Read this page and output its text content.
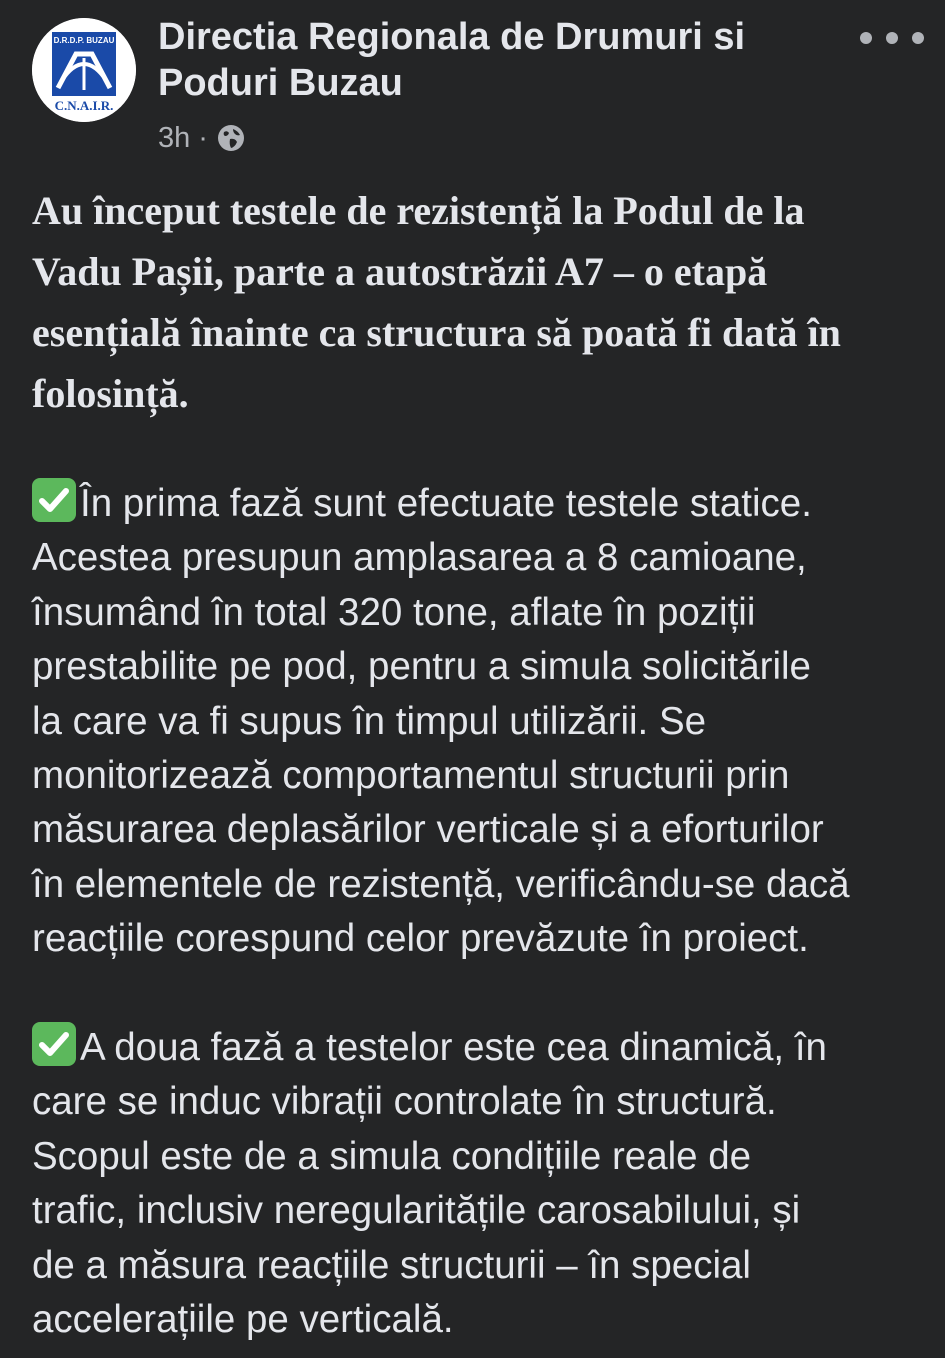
D.R.D.P. BUZAU
C.N.A.I.R.
Directia Regionala de Drumuri si
Poduri Buzau
3h ·
Au început testele de rezistență la Podul de la
Vadu Pașii, parte a autostrăzii A7 – o etapă
esențială înainte ca structura să poată fi dată în
folosință.
În prima fază sunt efectuate testele statice.
Acestea presupun amplasarea a 8 camioane,
însumând în total 320 tone, aflate în poziții
prestabilite pe pod, pentru a simula solicitările
la care va fi supus în timpul utilizării. Se
monitorizează comportamentul structurii prin
măsurarea deplasărilor verticale și a eforturilor
în elementele de rezistență, verificându-se dacă
reacțiile corespund celor prevăzute în proiect.
A doua fază a testelor este cea dinamică, în
care se induc vibrații controlate în structură.
Scopul este de a simula condițiile reale de
trafic, inclusiv neregularitățile carosabilului, și
de a măsura reacțiile structurii – în special
accelerațiile pe verticală.
